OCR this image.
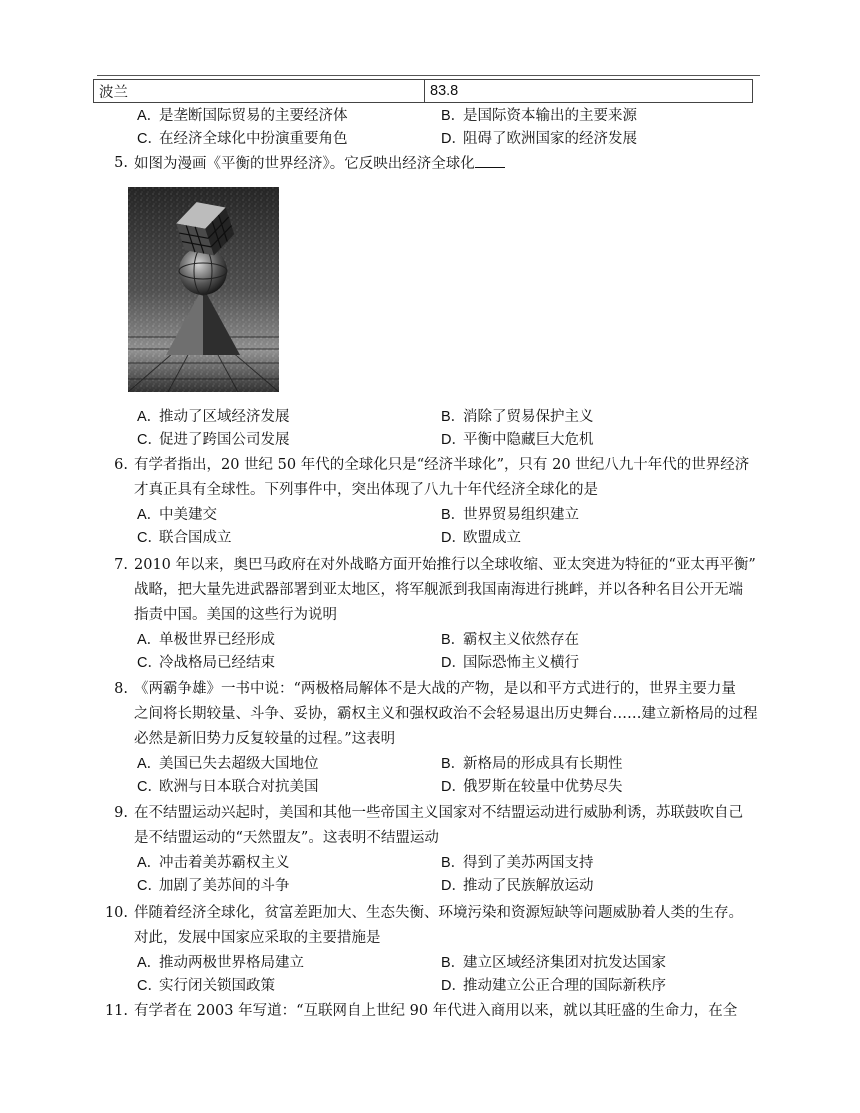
波兰	83.8
A．是垄断国际贸易的主要经济体	B．是国际资本输出的主要来源
C．在经济全球化中扮演重要角色	D．阻碍了欧洲国家的经济发展
5. 如图为漫画《平衡的世界经济》。它反映出经济全球化
A．推动了区域经济发展	B．消除了贸易保护主义
C．促进了跨国公司发展	D．平衡中隐藏巨大危机
6. 有学者指出，20 世纪 50 年代的全球化只是“经济半球化”，只有 20 世纪八九十年代的世界经济
才真正具有全球性。下列事件中，突出体现了八九十年代经济全球化的是
A．中美建交	B．世界贸易组织建立
C．联合国成立	D．欧盟成立
7. 2010 年以来，奥巴马政府在对外战略方面开始推行以全球收缩、亚太突进为特征的“亚太再平衡”
战略，把大量先进武器部署到亚太地区，将军舰派到我国南海进行挑衅，并以各种名目公开无端
指责中国。美国的这些行为说明
A．单极世界已经形成	B．霸权主义依然存在
C．冷战格局已经结束	D．国际恐怖主义横行
8. 《两霸争雄》一书中说：“两极格局解体不是大战的产物，是以和平方式进行的，世界主要力量
之间将长期较量、斗争、妥协，霸权主义和强权政治不会轻易退出历史舞台……建立新格局的过程
必然是新旧势力反复较量的过程。”这表明
A．美国已失去超级大国地位	B．新格局的形成具有长期性
C．欧洲与日本联合对抗美国	D．俄罗斯在较量中优势尽失
9. 在不结盟运动兴起时，美国和其他一些帝国主义国家对不结盟运动进行威胁利诱，苏联鼓吹自己
是不结盟运动的“天然盟友”。这表明不结盟运动
A．冲击着美苏霸权主义	B．得到了美苏两国支持
C．加剧了美苏间的斗争	D．推动了民族解放运动
10. 伴随着经济全球化，贫富差距加大、生态失衡、环境污染和资源短缺等问题威胁着人类的生存。
对此，发展中国家应采取的主要措施是
A．推动两极世界格局建立	B．建立区域经济集团对抗发达国家
C．实行闭关锁国政策	D．推动建立公正合理的国际新秩序
11. 有学者在 2003 年写道：“互联网自上世纪 90 年代进入商用以来，就以其旺盛的生命力，在全
